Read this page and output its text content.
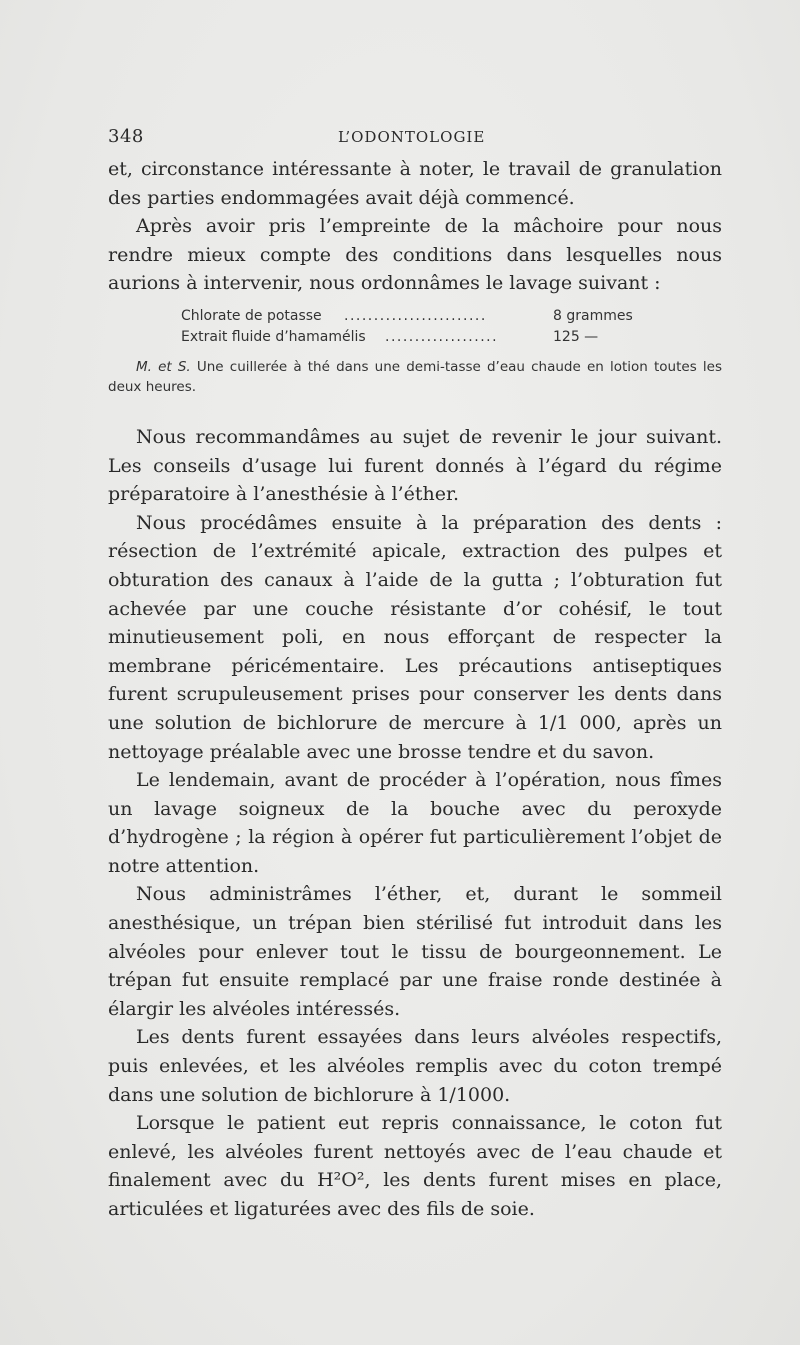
348	L’ODONTOLOGIE

et, circonstance intéressante à noter, le travail de granulation des parties endommagées avait déjà commencé.

Après avoir pris l’empreinte de la mâchoire pour nous rendre mieux compte des conditions dans lesquelles nous aurions à intervenir, nous ordonnâmes le lavage suivant :

Chlorate de potasse ........................	8 grammes
Extrait fluide d’hamamélis ...................	125 —

M. et S. Une cuillerée à thé dans une demi-tasse d’eau chaude en lotion toutes les deux heures.

Nous recommandâmes au sujet de revenir le jour suivant. Les conseils d’usage lui furent donnés à l’égard du régime préparatoire à l’anesthésie à l’éther.

Nous procédâmes ensuite à la préparation des dents : résection de l’extrémité apicale, extraction des pulpes et obturation des canaux à l’aide de la gutta ; l’obturation fut achevée par une couche résistante d’or cohésif, le tout minutieusement poli, en nous efforçant de respecter la membrane péricémentaire. Les précautions antiseptiques furent scrupuleusement prises pour conserver les dents dans une solution de bichlorure de mercure à 1/1 000, après un nettoyage préalable avec une brosse tendre et du savon.

Le lendemain, avant de procéder à l’opération, nous fîmes un lavage soigneux de la bouche avec du peroxyde d’hydrogène ; la région à opérer fut particulièrement l’objet de notre attention.

Nous administrâmes l’éther, et, durant le sommeil anesthésique, un trépan bien stérilisé fut introduit dans les alvéoles pour enlever tout le tissu de bourgeonnement. Le trépan fut ensuite remplacé par une fraise ronde destinée à élargir les alvéoles intéressés.

Les dents furent essayées dans leurs alvéoles respectifs, puis enlevées, et les alvéoles remplis avec du coton trempé dans une solution de bichlorure à 1/1000.

Lorsque le patient eut repris connaissance, le coton fut enlevé, les alvéoles furent nettoyés avec de l’eau chaude et finalement avec du H²O², les dents furent mises en place, articulées et ligaturées avec des fils de soie.
